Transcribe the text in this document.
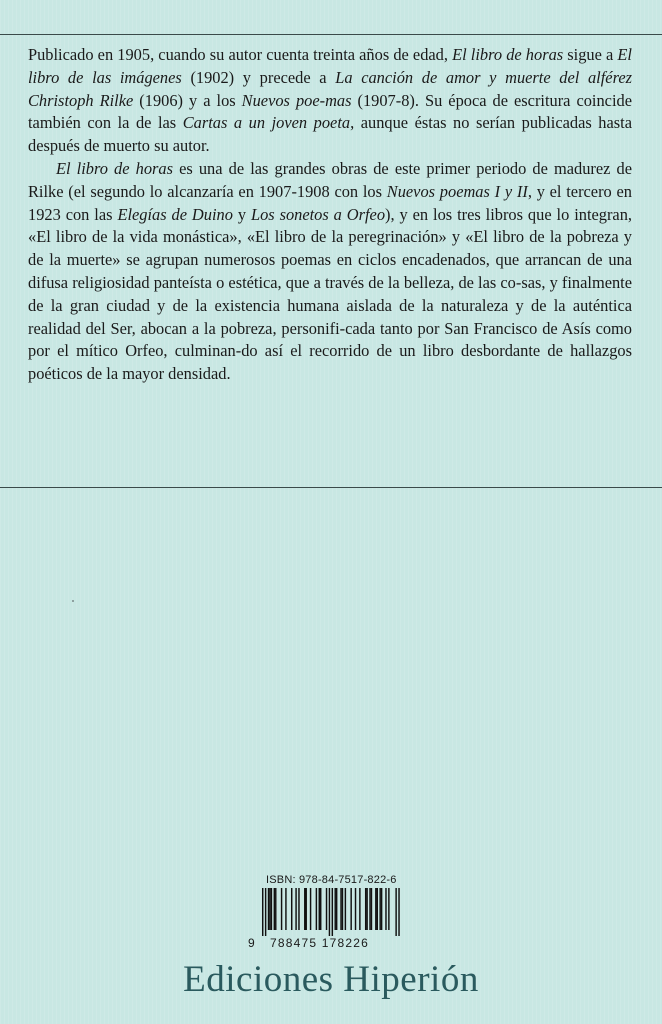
Publicado en 1905, cuando su autor cuenta treinta años de edad, El libro de horas sigue a El libro de las imágenes (1902) y precede a La canción de amor y muerte del alférez Christoph Rilke (1906) y a los Nuevos poe-mas (1907-8). Su época de escritura coincide también con la de las Cartas a un joven poeta, aunque éstas no serían publicadas hasta después de muerto su autor.

El libro de horas es una de las grandes obras de este primer periodo de madurez de Rilke (el segundo lo alcanzaría en 1907-1908 con los Nuevos poemas I y II, y el tercero en 1923 con las Elegías de Duino y Los sonetos a Orfeo), y en los tres libros que lo integran, «El libro de la vida monástica», «El libro de la peregrinación» y «El libro de la pobreza y de la muerte» se agrupan numerosos poemas en ciclos encadenados, que arrancan de una difusa religiosidad panteísta o estética, que a través de la belleza, de las co-sas, y finalmente de la gran ciudad y de la existencia humana aislada de la naturaleza y de la auténtica realidad del Ser, abocan a la pobreza, personifi-cada tanto por San Francisco de Asís como por el mítico Orfeo, culminan-do así el recorrido de un libro desbordante de hallazgos poéticos de la mayor densidad.

ISBN: 978-84-7517-822-6
9 788475 178226
Ediciones Hiperión
